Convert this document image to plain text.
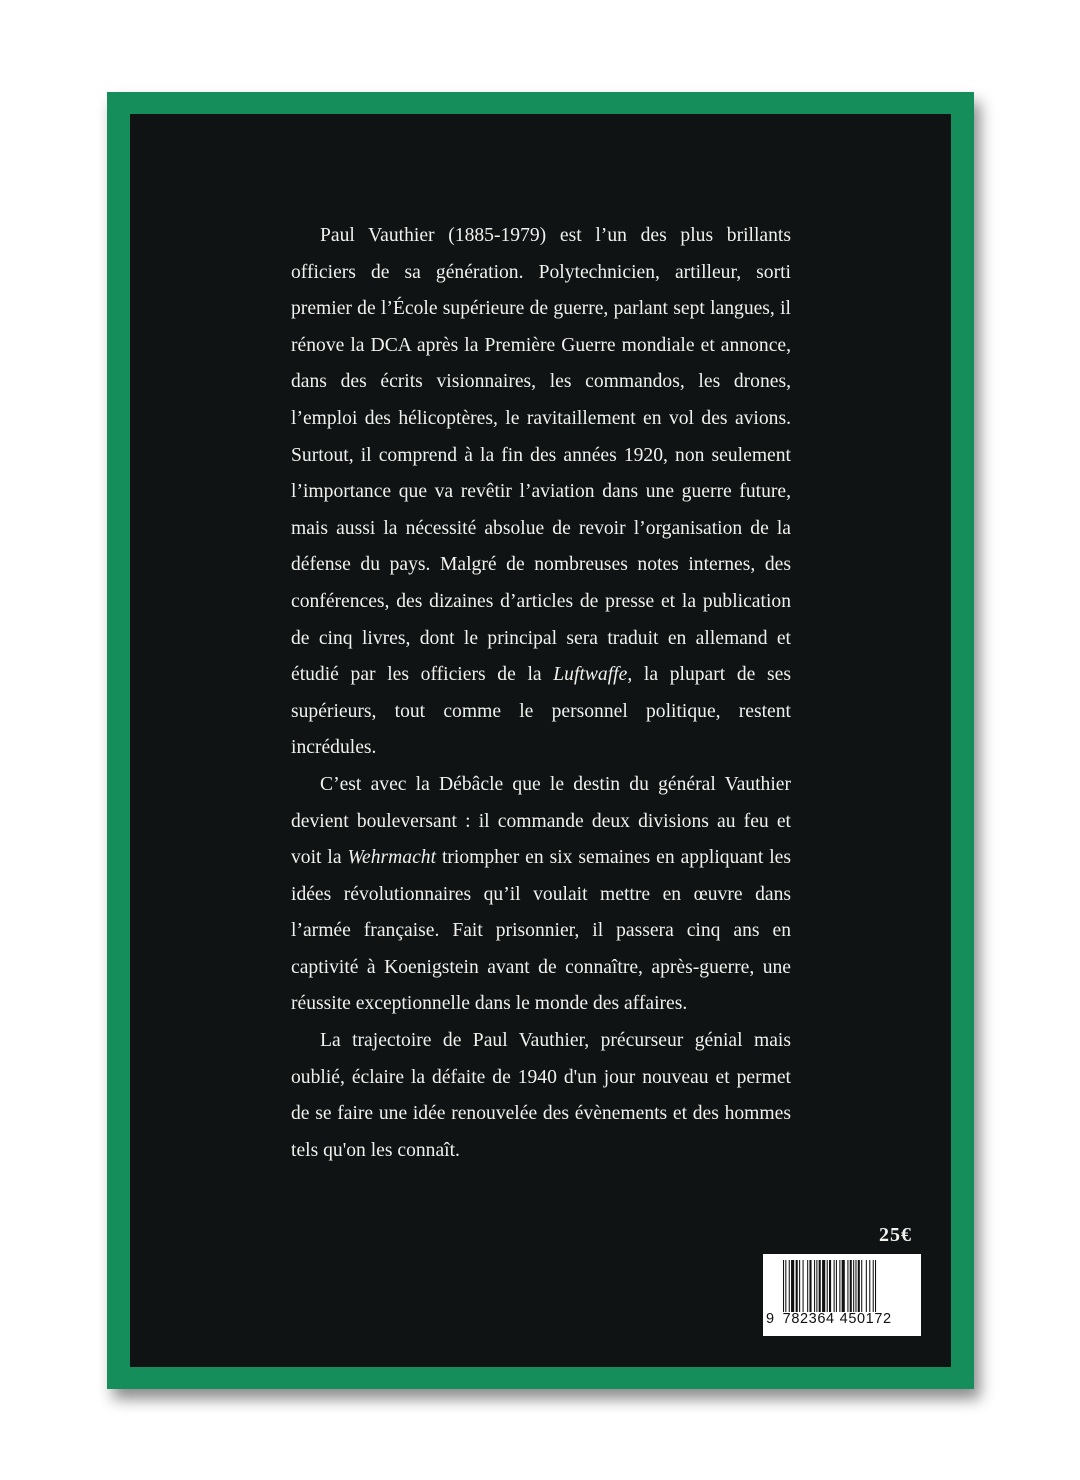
Paul Vauthier (1885-1979) est l’un des plus brillants officiers de sa génération. Polytechnicien, artilleur, sorti premier de l’École supérieure de guerre, parlant sept langues, il rénove la DCA après la Première Guerre mondiale et annonce, dans des écrits visionnaires, les commandos, les drones, l’emploi des hélicoptères, le ravitaillement en vol des avions. Surtout, il comprend à la fin des années 1920, non seulement l’importance que va revêtir l’aviation dans une guerre future, mais aussi la nécessité absolue de revoir l’organisation de la défense du pays. Malgré de nombreuses notes internes, des conférences, des dizaines d’articles de presse et la publication de cinq livres, dont le principal sera traduit en allemand et étudié par les officiers de la Luftwaffe, la plupart de ses supérieurs, tout comme le personnel politique, restent incrédules.

C’est avec la Débâcle que le destin du général Vauthier devient bouleversant : il commande deux divisions au feu et voit la Wehrmacht triompher en six semaines en appliquant les idées révolutionnaires qu’il voulait mettre en œuvre dans l’armée française. Fait prisonnier, il passera cinq ans en captivité à Koenigstein avant de connaître, après-guerre, une réussite exceptionnelle dans le monde des affaires.

La trajectoire de Paul Vauthier, précurseur génial mais oublié, éclaire la défaite de 1940 d'un jour nouveau et permet de se faire une idée renouvelée des évènements et des hommes tels qu'on les connaît.

25€
9 782364 450172
